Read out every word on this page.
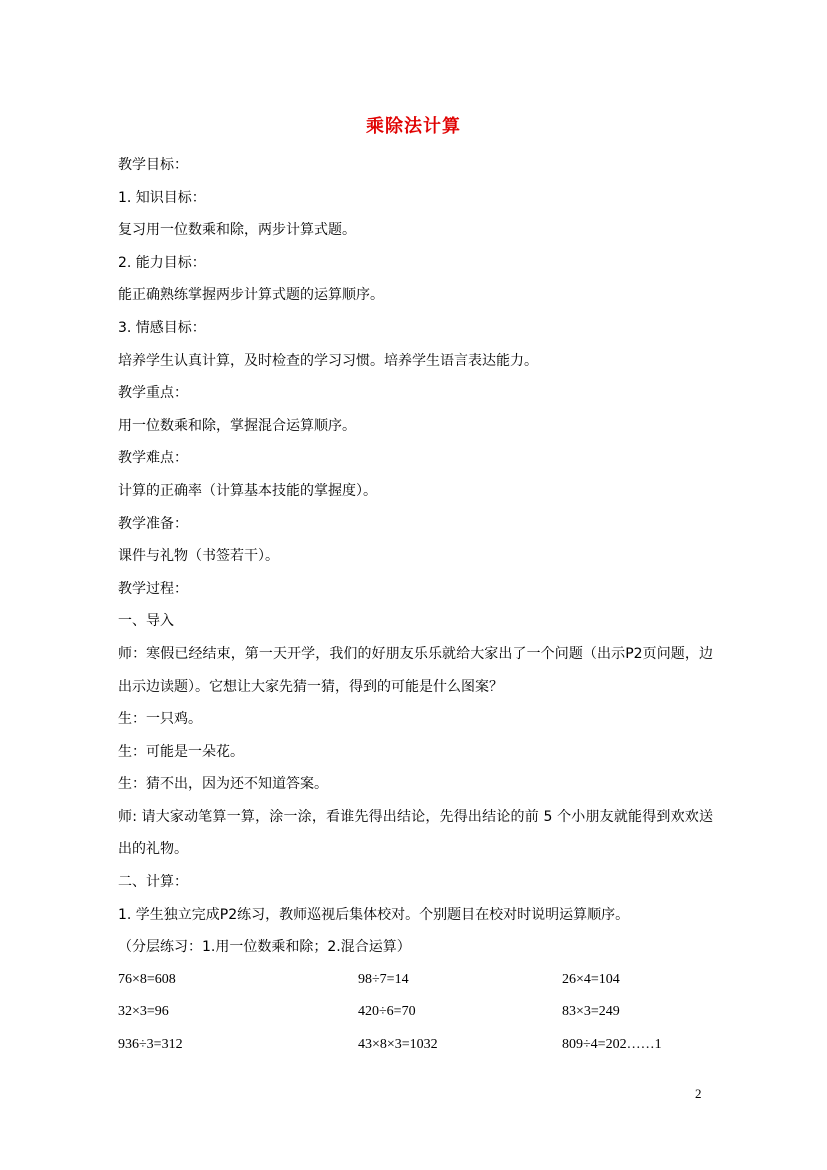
乘除法计算
教学目标：
1. 知识目标：
复习用一位数乘和除，两步计算式题。
2. 能力目标：
能正确熟练掌握两步计算式题的运算顺序。
3. 情感目标：
培养学生认真计算，及时检查的学习习惯。培养学生语言表达能力。
教学重点：
用一位数乘和除，掌握混合运算顺序。
教学难点：
计算的正确率（计算基本技能的掌握度）。
教学准备：
课件与礼物（书签若干）。
教学过程：
一、导入
师：寒假已经结束，第一天开学，我们的好朋友乐乐就给大家出了一个问题（出示P2页问题，边出示边读题）。它想让大家先猜一猜，得到的可能是什么图案？
生：一只鸡。
生：可能是一朵花。
生：猜不出，因为还不知道答案。
师: 请大家动笔算一算，涂一涂，看谁先得出结论，先得出结论的前 5 个小朋友就能得到欢欢送出的礼物。
二、计算：
1. 学生独立完成P2练习，教师巡视后集体校对。个别题目在校对时说明运算顺序。
（分层练习：1.用一位数乘和除；2.混合运算）
76×8=608	98÷7=14	26×4=104
32×3=96	420÷6=70	83×3=249
936÷3=312	43×8×3=1032	809÷4=202……1
2
